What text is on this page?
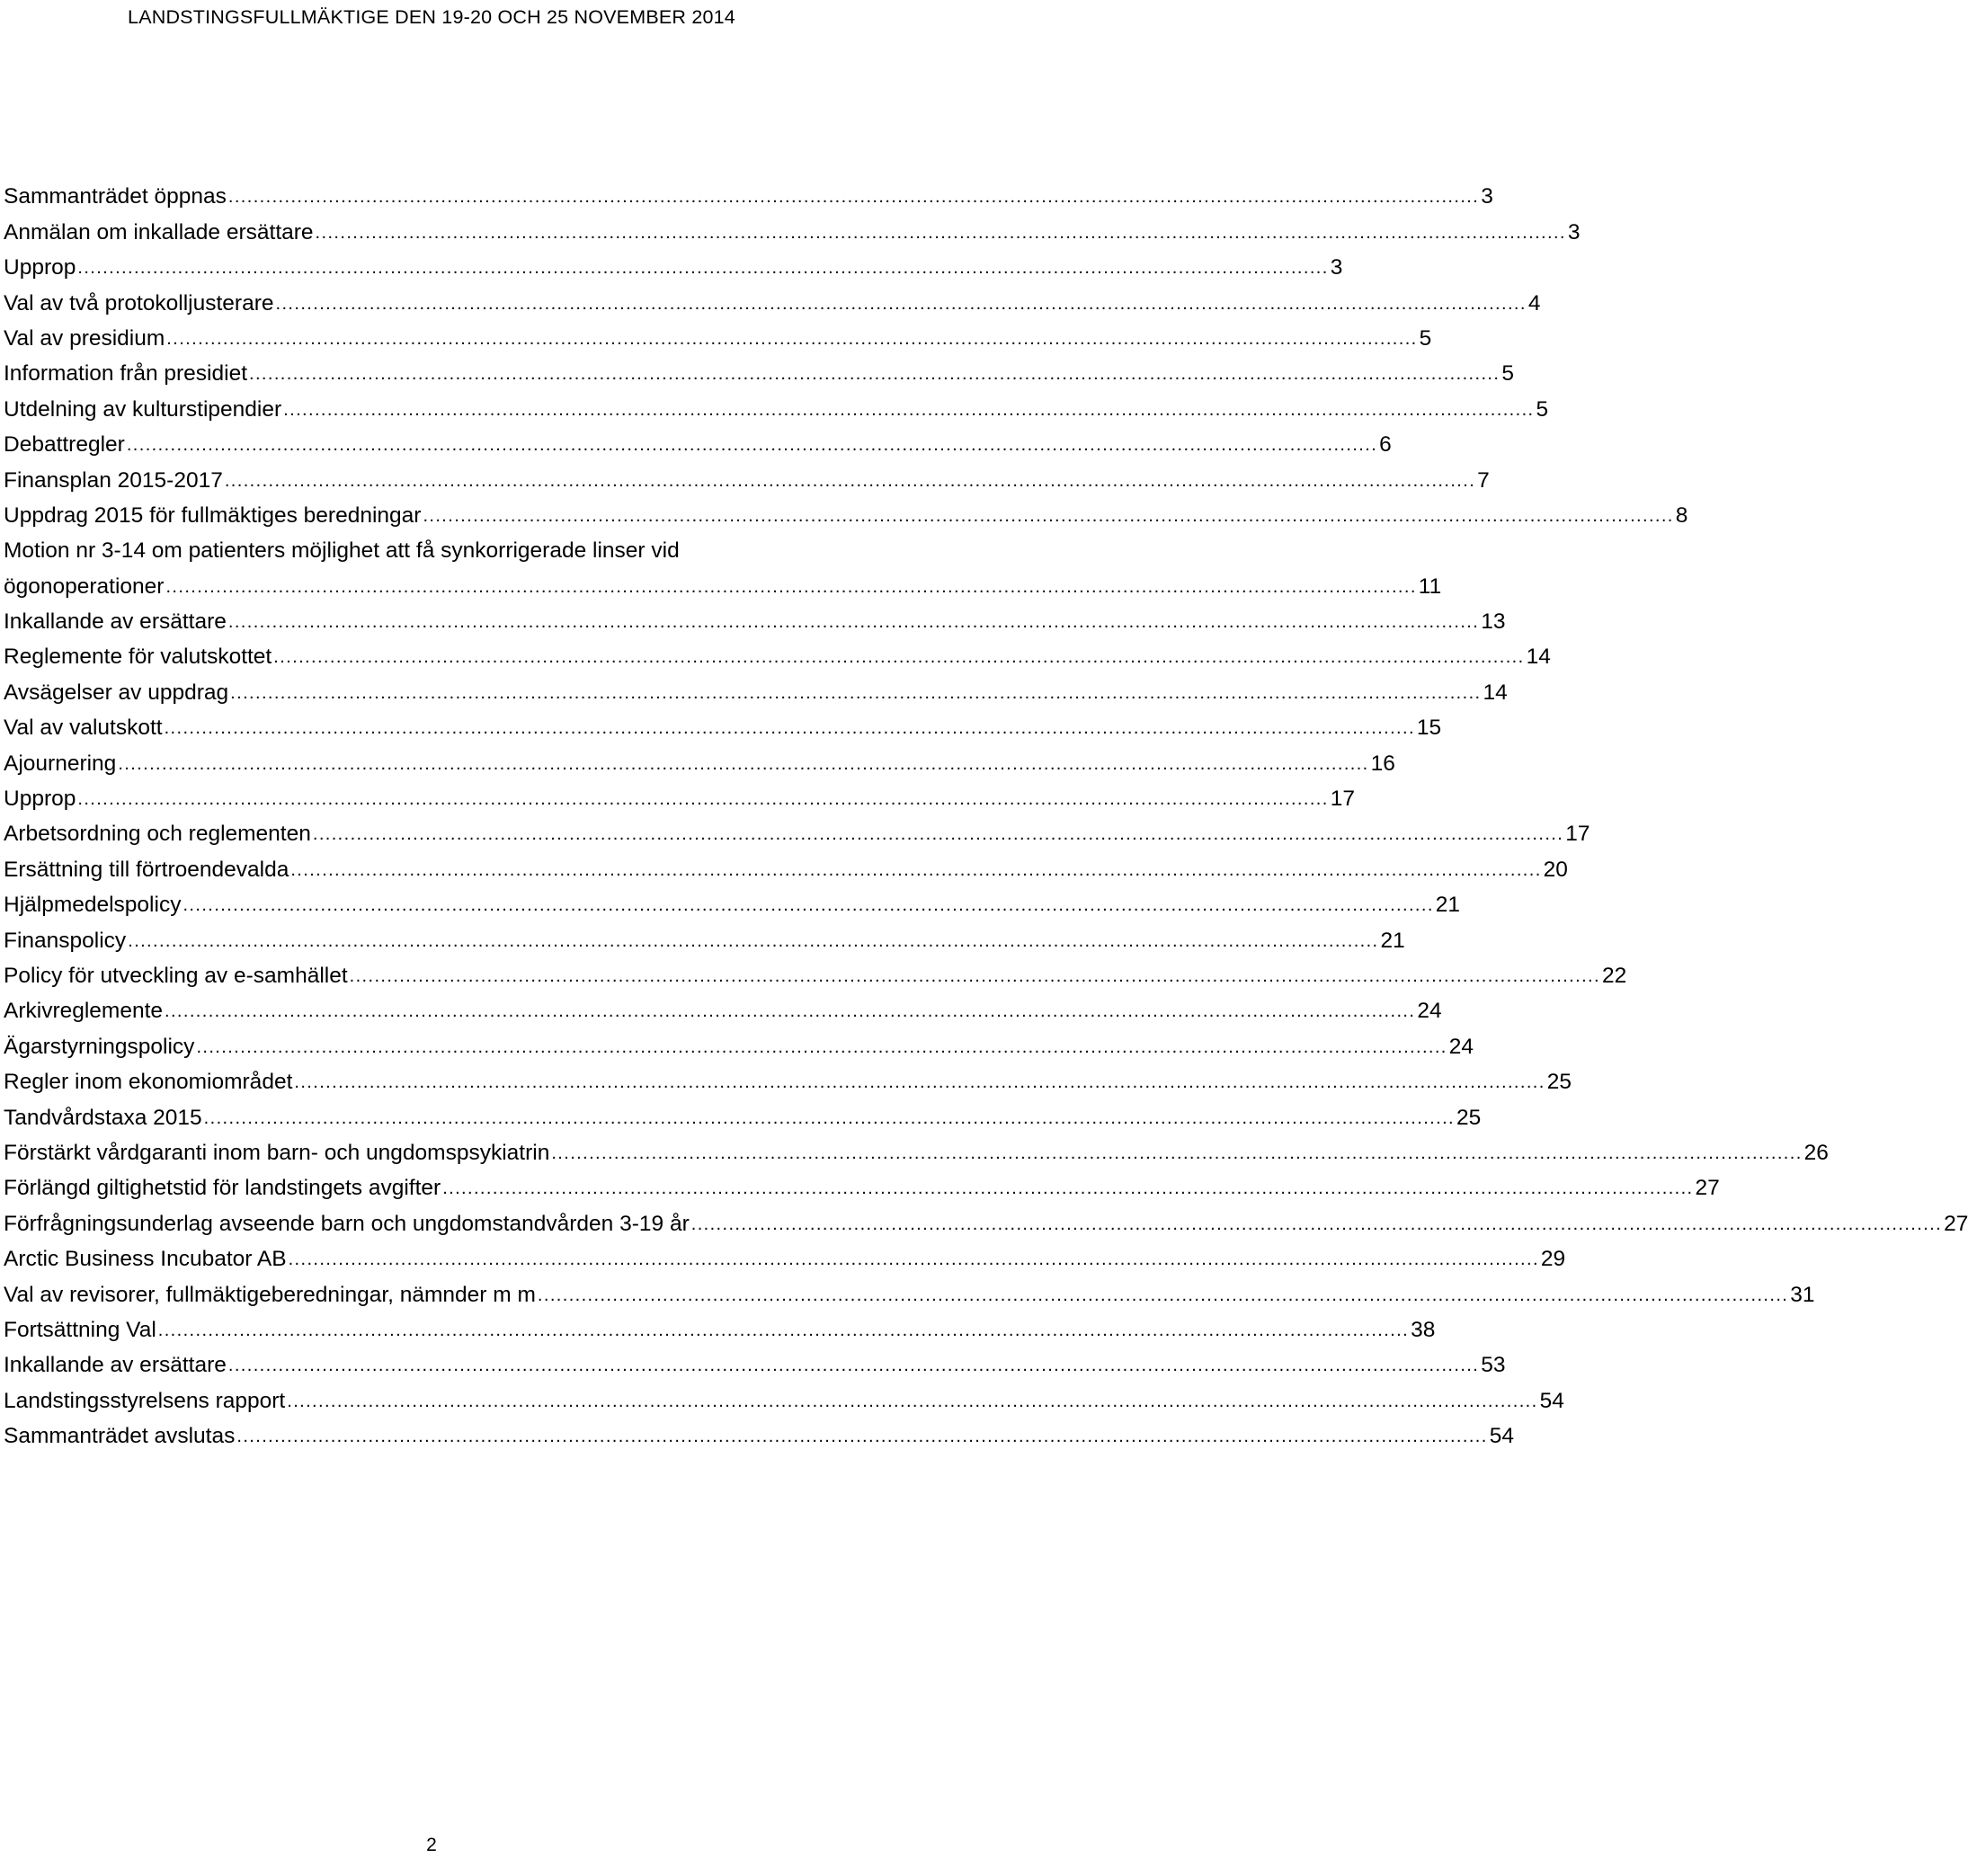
LANDSTINGSFULLMÄKTIGE DEN 19-20 OCH 25 NOVEMBER 2014
Sammanträdet öppnas ........................................................................................................................................................................................................ 3
Anmälan om inkallade ersättare ........................................................................................................................................................................................................ 3
Upprop ........................................................................................................................................................................................................ 3
Val av två protokolljusterare ........................................................................................................................................................................................................ 4
Val av presidium ........................................................................................................................................................................................................ 5
Information från presidiet ........................................................................................................................................................................................................ 5
Utdelning av kulturstipendier ........................................................................................................................................................................................................ 5
Debattregler ........................................................................................................................................................................................................ 6
Finansplan 2015-2017 ........................................................................................................................................................................................................ 7
Uppdrag 2015 för fullmäktiges beredningar ........................................................................................................................................................................................................ 8
Motion nr 3-14 om patienters möjlighet att få synkorrigerade linser vid
ögonoperationer ........................................................................................................................................................................................................ 11
Inkallande av ersättare ........................................................................................................................................................................................................ 13
Reglemente för valutskottet ........................................................................................................................................................................................................ 14
Avsägelser av uppdrag ........................................................................................................................................................................................................ 14
Val av valutskott ........................................................................................................................................................................................................ 15
Ajournering ........................................................................................................................................................................................................ 16
Upprop ........................................................................................................................................................................................................ 17
Arbetsordning och reglementen ........................................................................................................................................................................................................ 17
Ersättning till förtroendevalda ........................................................................................................................................................................................................ 20
Hjälpmedelspolicy ........................................................................................................................................................................................................ 21
Finanspolicy ........................................................................................................................................................................................................ 21
Policy för utveckling av e-samhället ........................................................................................................................................................................................................ 22
Arkivreglemente ........................................................................................................................................................................................................ 24
Ägarstyrningspolicy ........................................................................................................................................................................................................ 24
Regler inom ekonomiområdet ........................................................................................................................................................................................................ 25
Tandvårdstaxa 2015 ........................................................................................................................................................................................................ 25
Förstärkt vårdgaranti inom barn- och ungdomspsykiatrin ........................................................................................................................................................................................................ 26
Förlängd giltighetstid för landstingets avgifter ........................................................................................................................................................................................................ 27
Förfrågningsunderlag avseende barn och ungdomstandvården 3-19 år ........................................................................................................................................................................................................ 27
Arctic Business Incubator AB ........................................................................................................................................................................................................ 29
Val av revisorer, fullmäktigeberedningar, nämnder m m ........................................................................................................................................................................................................ 31
Fortsättning Val ........................................................................................................................................................................................................ 38
Inkallande av ersättare ........................................................................................................................................................................................................ 53
Landstingsstyrelsens rapport ........................................................................................................................................................................................................ 54
Sammanträdet avslutas ........................................................................................................................................................................................................ 54
2
